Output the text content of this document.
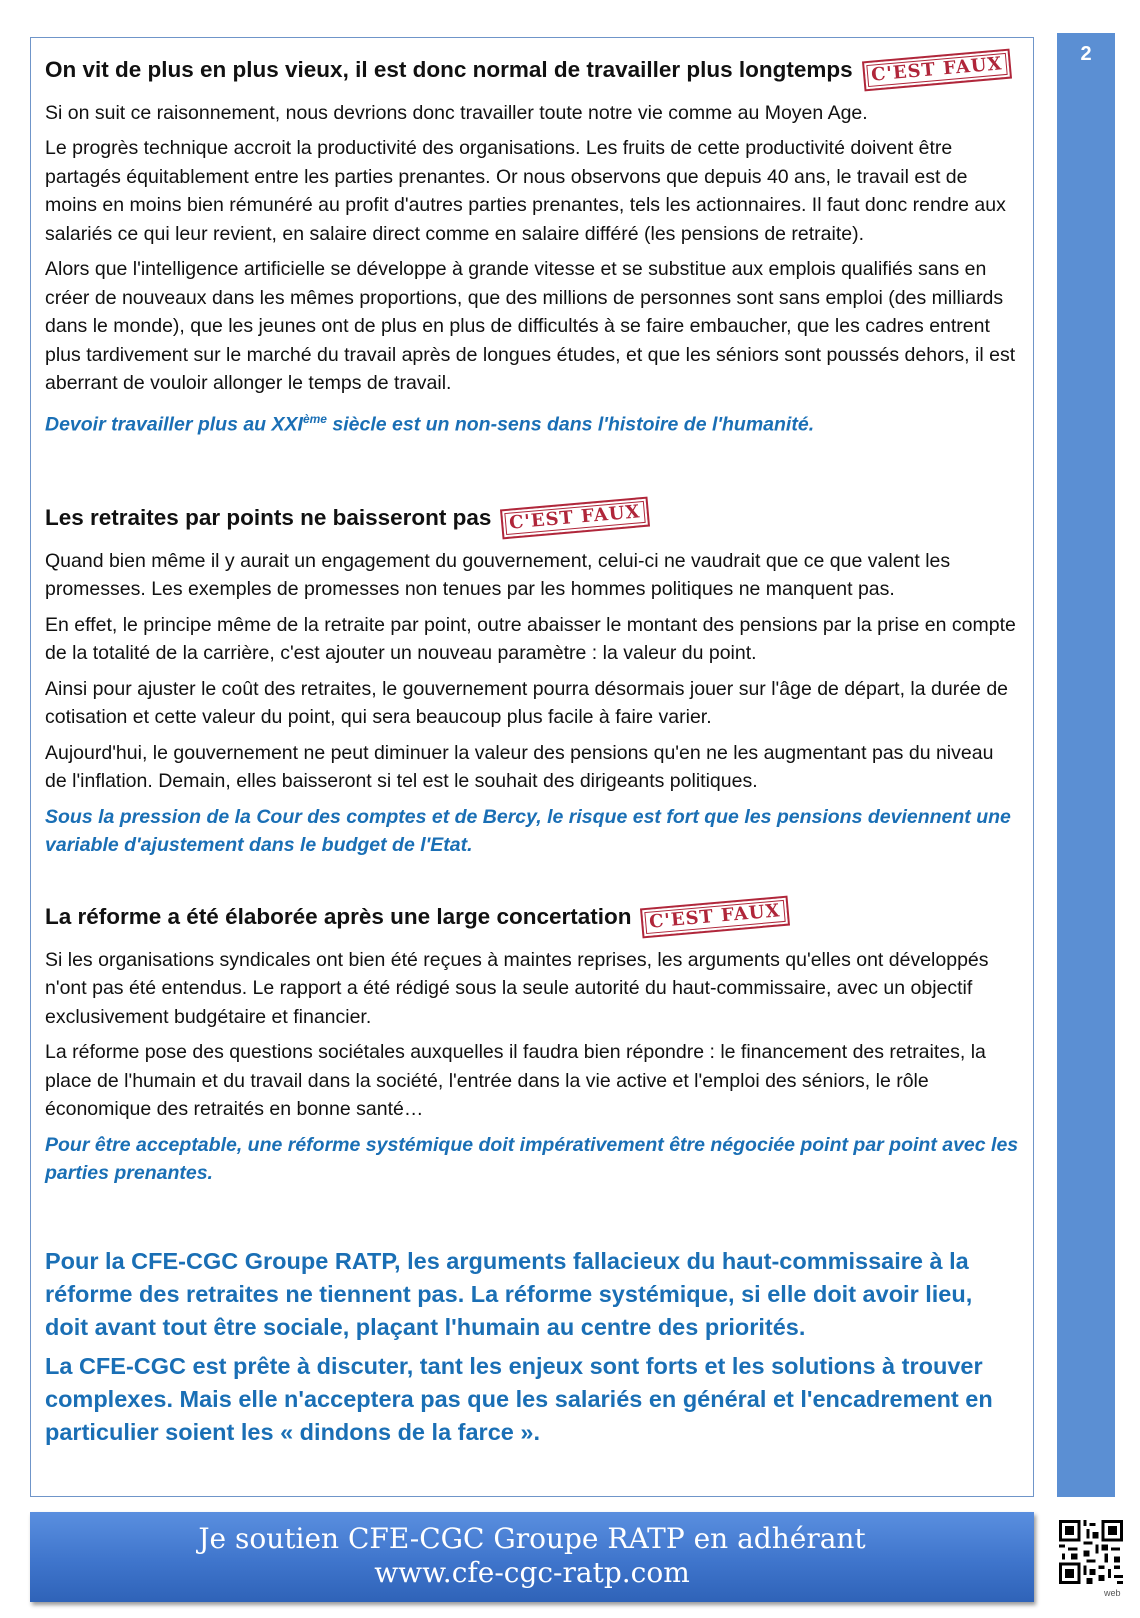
2
On vit de plus en plus vieux, il est donc normal de travailler plus longtemps C'EST FAUX

Si on suit ce raisonnement, nous devrions donc travailler toute notre vie comme au Moyen Age.

Le progrès technique accroit la productivité des organisations. Les fruits de cette productivité doivent être partagés équitablement entre les parties prenantes. Or nous observons que depuis 40 ans, le travail est de moins en moins bien rémunéré au profit d'autres parties prenantes, tels les actionnaires. Il faut donc rendre aux salariés ce qui leur revient, en salaire direct comme en salaire différé (les pensions de retraite).

Alors que l'intelligence artificielle se développe à grande vitesse et se substitue aux emplois qualifiés sans en créer de nouveaux dans les mêmes proportions, que des millions de personnes sont sans emploi (des milliards dans le monde), que les jeunes ont de plus en plus de difficultés à se faire embaucher, que les cadres entrent plus tardivement sur le marché du travail après de longues études, et que les séniors sont poussés dehors, il est aberrant de vouloir allonger le temps de travail.

Devoir travailler plus au XXIème siècle est un non-sens dans l'histoire de l'humanité.

Les retraites par points ne baisseront pas C'EST FAUX

Quand bien même il y aurait un engagement du gouvernement, celui-ci ne vaudrait que ce que valent les promesses. Les exemples de promesses non tenues par les hommes politiques ne manquent pas.

En effet, le principe même de la retraite par point, outre abaisser le montant des pensions par la prise en compte de la totalité de la carrière, c'est ajouter un nouveau paramètre : la valeur du point.

Ainsi pour ajuster le coût des retraites, le gouvernement pourra désormais jouer sur l'âge de départ, la durée de cotisation et cette valeur du point, qui sera beaucoup plus facile à faire varier.

Aujourd'hui, le gouvernement ne peut diminuer la valeur des pensions qu'en ne les augmentant pas du niveau de l'inflation. Demain, elles baisseront si tel est le souhait des dirigeants politiques.

Sous la pression de la Cour des comptes et de Bercy, le risque est fort que les pensions deviennent une variable d'ajustement dans le budget de l'Etat.

La réforme a été élaborée après une large concertation C'EST FAUX

Si les organisations syndicales ont bien été reçues à maintes reprises, les arguments qu'elles ont développés n'ont pas été entendus. Le rapport a été rédigé sous la seule autorité du haut-commissaire, avec un objectif exclusivement budgétaire et financier.

La réforme pose des questions sociétales auxquelles il faudra bien répondre : le financement des retraites, la place de l'humain et du travail dans la société, l'entrée dans la vie active et l'emploi des séniors, le rôle économique des retraités en bonne santé…

Pour être acceptable, une réforme systémique doit impérativement être négociée point par point avec les parties prenantes.

Pour la CFE-CGC Groupe RATP, les arguments fallacieux du haut-commissaire à la réforme des retraites ne tiennent pas. La réforme systémique, si elle doit avoir lieu, doit avant tout être sociale, plaçant l'humain au centre des priorités.

La CFE-CGC est prête à discuter, tant les enjeux sont forts et les solutions à trouver complexes. Mais elle n'acceptera pas que les salariés en général et l'encadrement en particulier soient les « dindons de la farce ».

Je soutien CFE-CGC Groupe RATP en adhérant
www.cfe-cgc-ratp.com
web
